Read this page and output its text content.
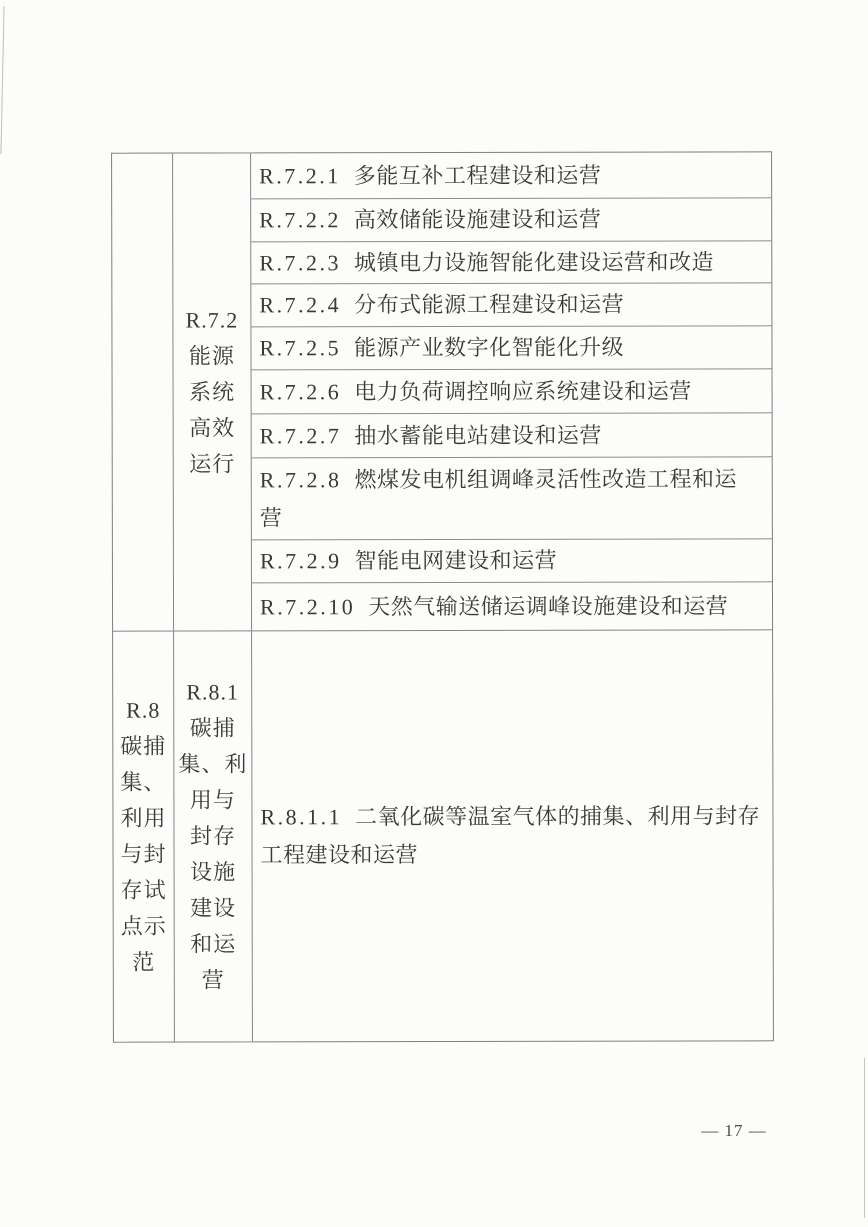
R.7.2
能源
系统
高效
运行
R.7.2.1 多能互补工程建设和运营
R.7.2.2 高效储能设施建设和运营
R.7.2.3 城镇电力设施智能化建设运营和改造
R.7.2.4 分布式能源工程建设和运营
R.7.2.5 能源产业数字化智能化升级
R.7.2.6 电力负荷调控响应系统建设和运营
R.7.2.7 抽水蓄能电站建设和运营
R.7.2.8 燃煤发电机组调峰灵活性改造工程和运
营
R.7.2.9 智能电网建设和运营
R.7.2.10 天然气输送储运调峰设施建设和运营
R.8
碳捕
集、
利用
与封
存试
点示
范
R.8.1
碳捕
集、利
用与
封存
设施
建设
和运
营
R.8.1.1 二氧化碳等温室气体的捕集、利用与封存
工程建设和运营
— 17 —
